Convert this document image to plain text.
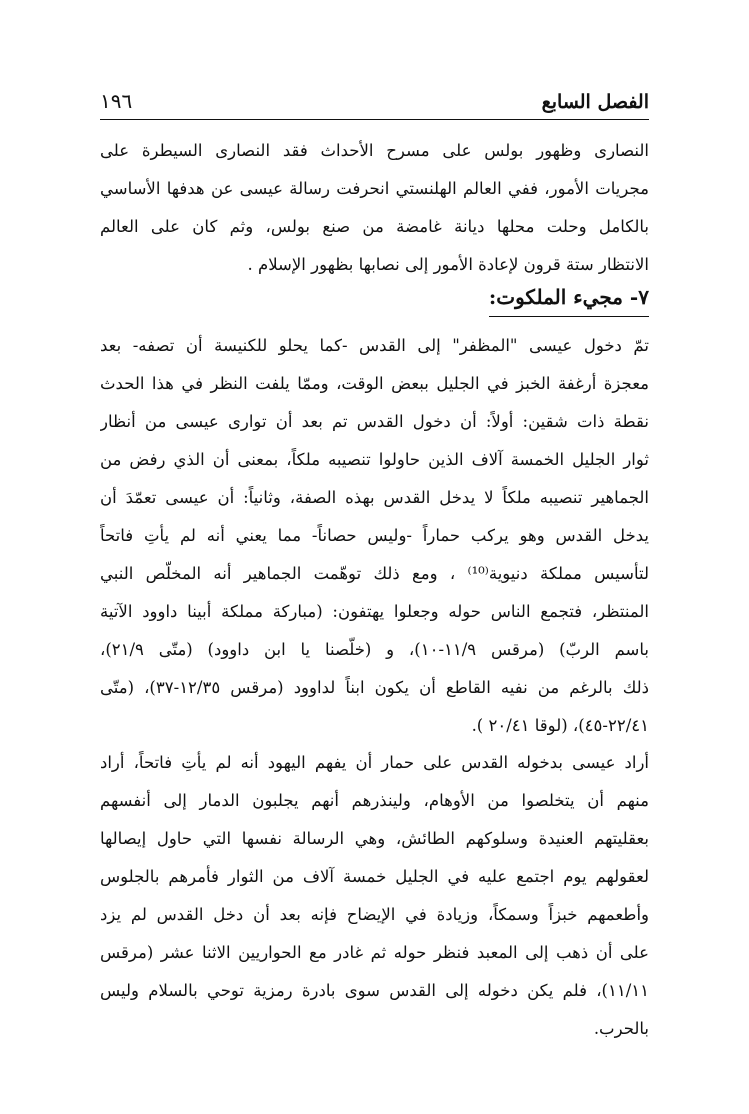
الفصل السابع
١٩٦
النصارى وظهور بولس على مسرح الأحداث فقد النصارى السيطرة على
مجريات الأمور، ففي العالم الهلنستي انحرفت رسالة عيسى عن هدفها الأساسي
بالكامل وحلت محلها ديانة غامضة من صنع بولس، وثم كان على العالم
الانتظار ستة قرون لإعادة الأمور إلى نصابها بظهور الإسلام .
٧- مجيء الملكوت:
تمّ دخول عيسى "المظفر" إلى القدس -كما يحلو للكنيسة أن تصفه- بعد
معجزة أرغفة الخبز في الجليل ببعض الوقت، وممّا يلفت النظر في هذا الحدث
نقطة ذات شقين: أولاً: أن دخول القدس تم بعد أن توارى عيسى من أنظار
ثوار الجليل الخمسة آلاف الذين حاولوا تنصيبه ملكاً، بمعنى أن الذي رفض من
الجماهير تنصيبه ملكاً لا يدخل القدس بهذه الصفة، وثانياً: أن عيسى تعمّدَ أن
يدخل القدس وهو يركب حماراً -وليس حصاناً- مما يعني أنه لم يأتِ فاتحاً
لتأسيس مملكة دنيوية⁽¹⁰⁾ ، ومع ذلك توهّمت الجماهير أنه المخلّص النبي
المنتظر، فتجمع الناس حوله وجعلوا يهتفون: (مباركة مملكة أبينا داوود الآتية
باسم الربّ) (مرقس ١١/٩-١٠)، و (خلّصنا يا ابن داوود) (متّى ٢١/٩)،
ذلك بالرغم من نفيه القاطع أن يكون ابناً لداوود (مرقس ١٢/٣٥-٣٧)، (متّى
٢٢/٤١-٤٥)، (لوقا ٢٠/٤١ ).
أراد عيسى بدخوله القدس على حمار أن يفهم اليهود أنه لم يأتِ فاتحاً، أراد
منهم أن يتخلصوا من الأوهام، ولينذرهم أنهم يجلبون الدمار إلى أنفسهم
بعقليتهم العنيدة وسلوكهم الطائش، وهي الرسالة نفسها التي حاول إيصالها
لعقولهم يوم اجتمع عليه في الجليل خمسة آلاف من الثوار فأمرهم بالجلوس
وأطعمهم خبزاً وسمكاً، وزيادة في الإيضاح فإنه بعد أن دخل القدس لم يزد
على أن ذهب إلى المعبد فنظر حوله ثم غادر مع الحواريين الاثنا عشر (مرقس
١١/١١)، فلم يكن دخوله إلى القدس سوى بادرة رمزية توحي بالسلام وليس
بالحرب.
